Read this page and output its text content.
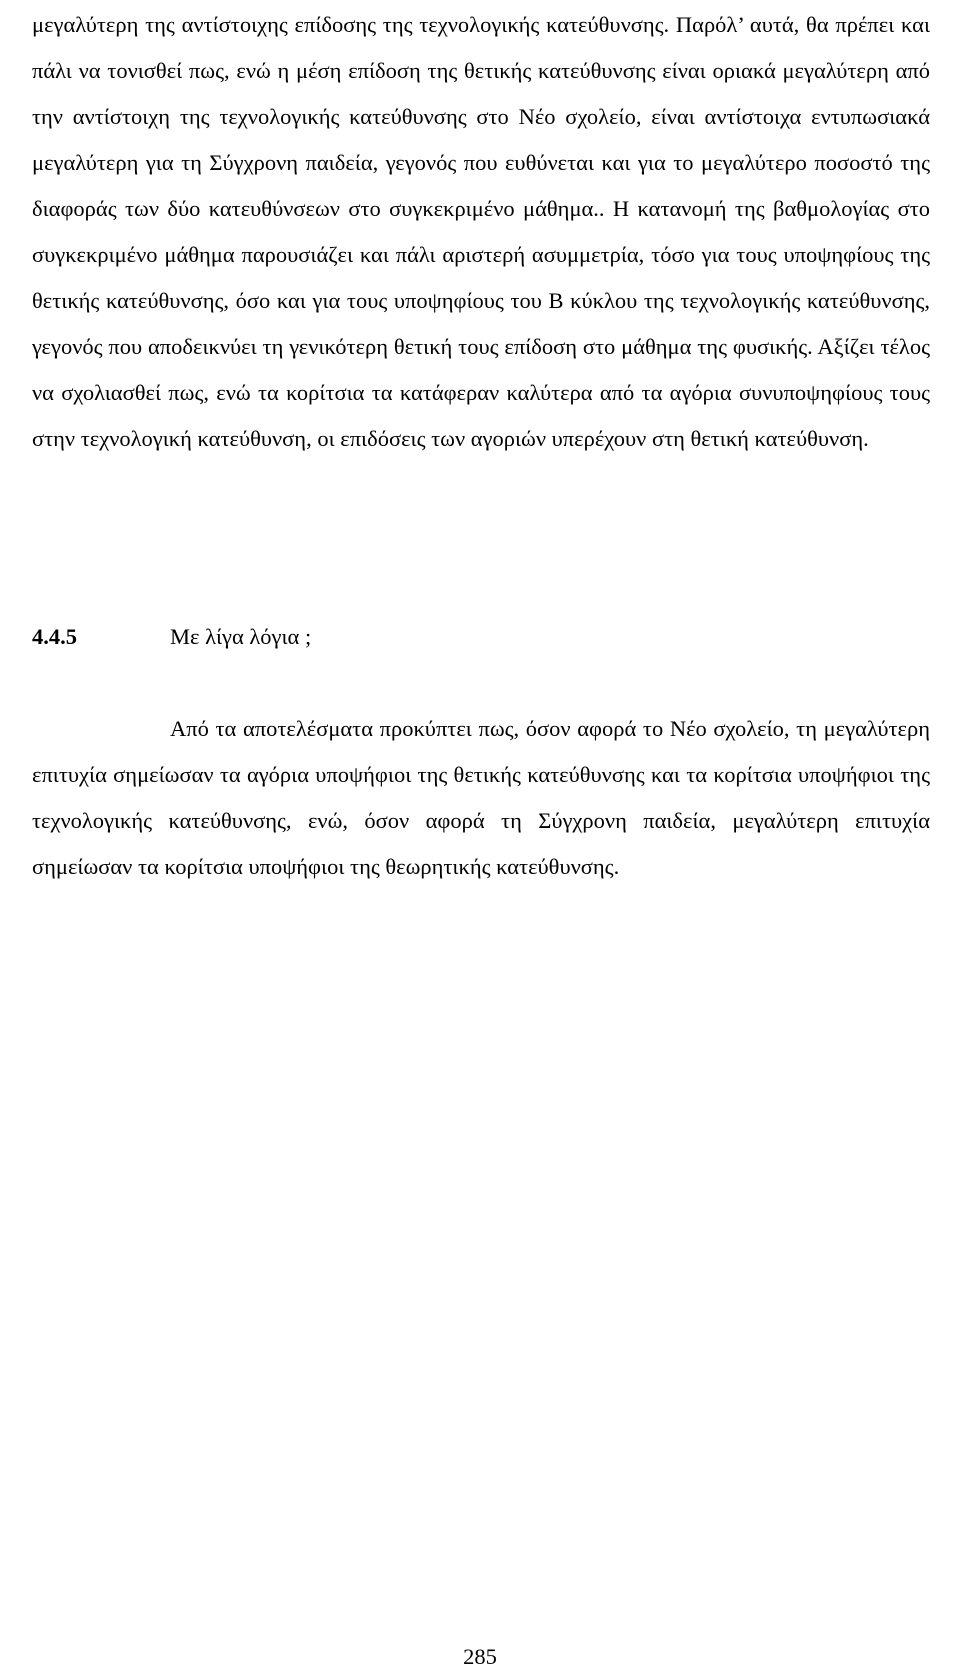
μεγαλύτερη της αντίστοιχης επίδοσης της τεχνολογικής κατεύθυνσης. Παρόλ’ αυτά, θα πρέπει και πάλι να τονισθεί πως, ενώ η μέση επίδοση της θετικής κατεύθυνσης είναι οριακά μεγαλύτερη από την αντίστοιχη της τεχνολογικής κατεύθυνσης στο Νέο σχολείο, είναι αντίστοιχα εντυπωσιακά μεγαλύτερη για τη Σύγχρονη παιδεία, γεγονός που ευθύνεται και για το μεγαλύτερο ποσοστό της διαφοράς των δύο κατευθύνσεων στο συγκεκριμένο μάθημα.. Η κατανομή της βαθμολογίας στο συγκεκριμένο μάθημα παρουσιάζει και πάλι αριστερή ασυμμετρία, τόσο για τους υποψηφίους της θετικής κατεύθυνσης, όσο και για τους υποψηφίους του Β κύκλου της τεχνολογικής κατεύθυνσης, γεγονός που αποδεικνύει τη γενικότερη θετική τους επίδοση στο μάθημα της φυσικής. Αξίζει τέλος να σχολιασθεί πως, ενώ τα κορίτσια τα κατάφεραν καλύτερα από τα αγόρια συνυποψηφίους τους στην τεχνολογική κατεύθυνση, οι επιδόσεις των αγοριών υπερέχουν στη θετική κατεύθυνση.

4.4.5	Με λίγα λόγια ;

Από τα αποτελέσματα προκύπτει πως, όσον αφορά το Νέο σχολείο, τη μεγαλύτερη επιτυχία σημείωσαν τα αγόρια υποψήφιοι της θετικής κατεύθυνσης και τα κορίτσια υποψήφιοι της τεχνολογικής κατεύθυνσης, ενώ, όσον αφορά τη Σύγχρονη παιδεία, μεγαλύτερη επιτυχία σημείωσαν τα κορίτσια υποψήφιοι της θεωρητικής κατεύθυνσης.

285
